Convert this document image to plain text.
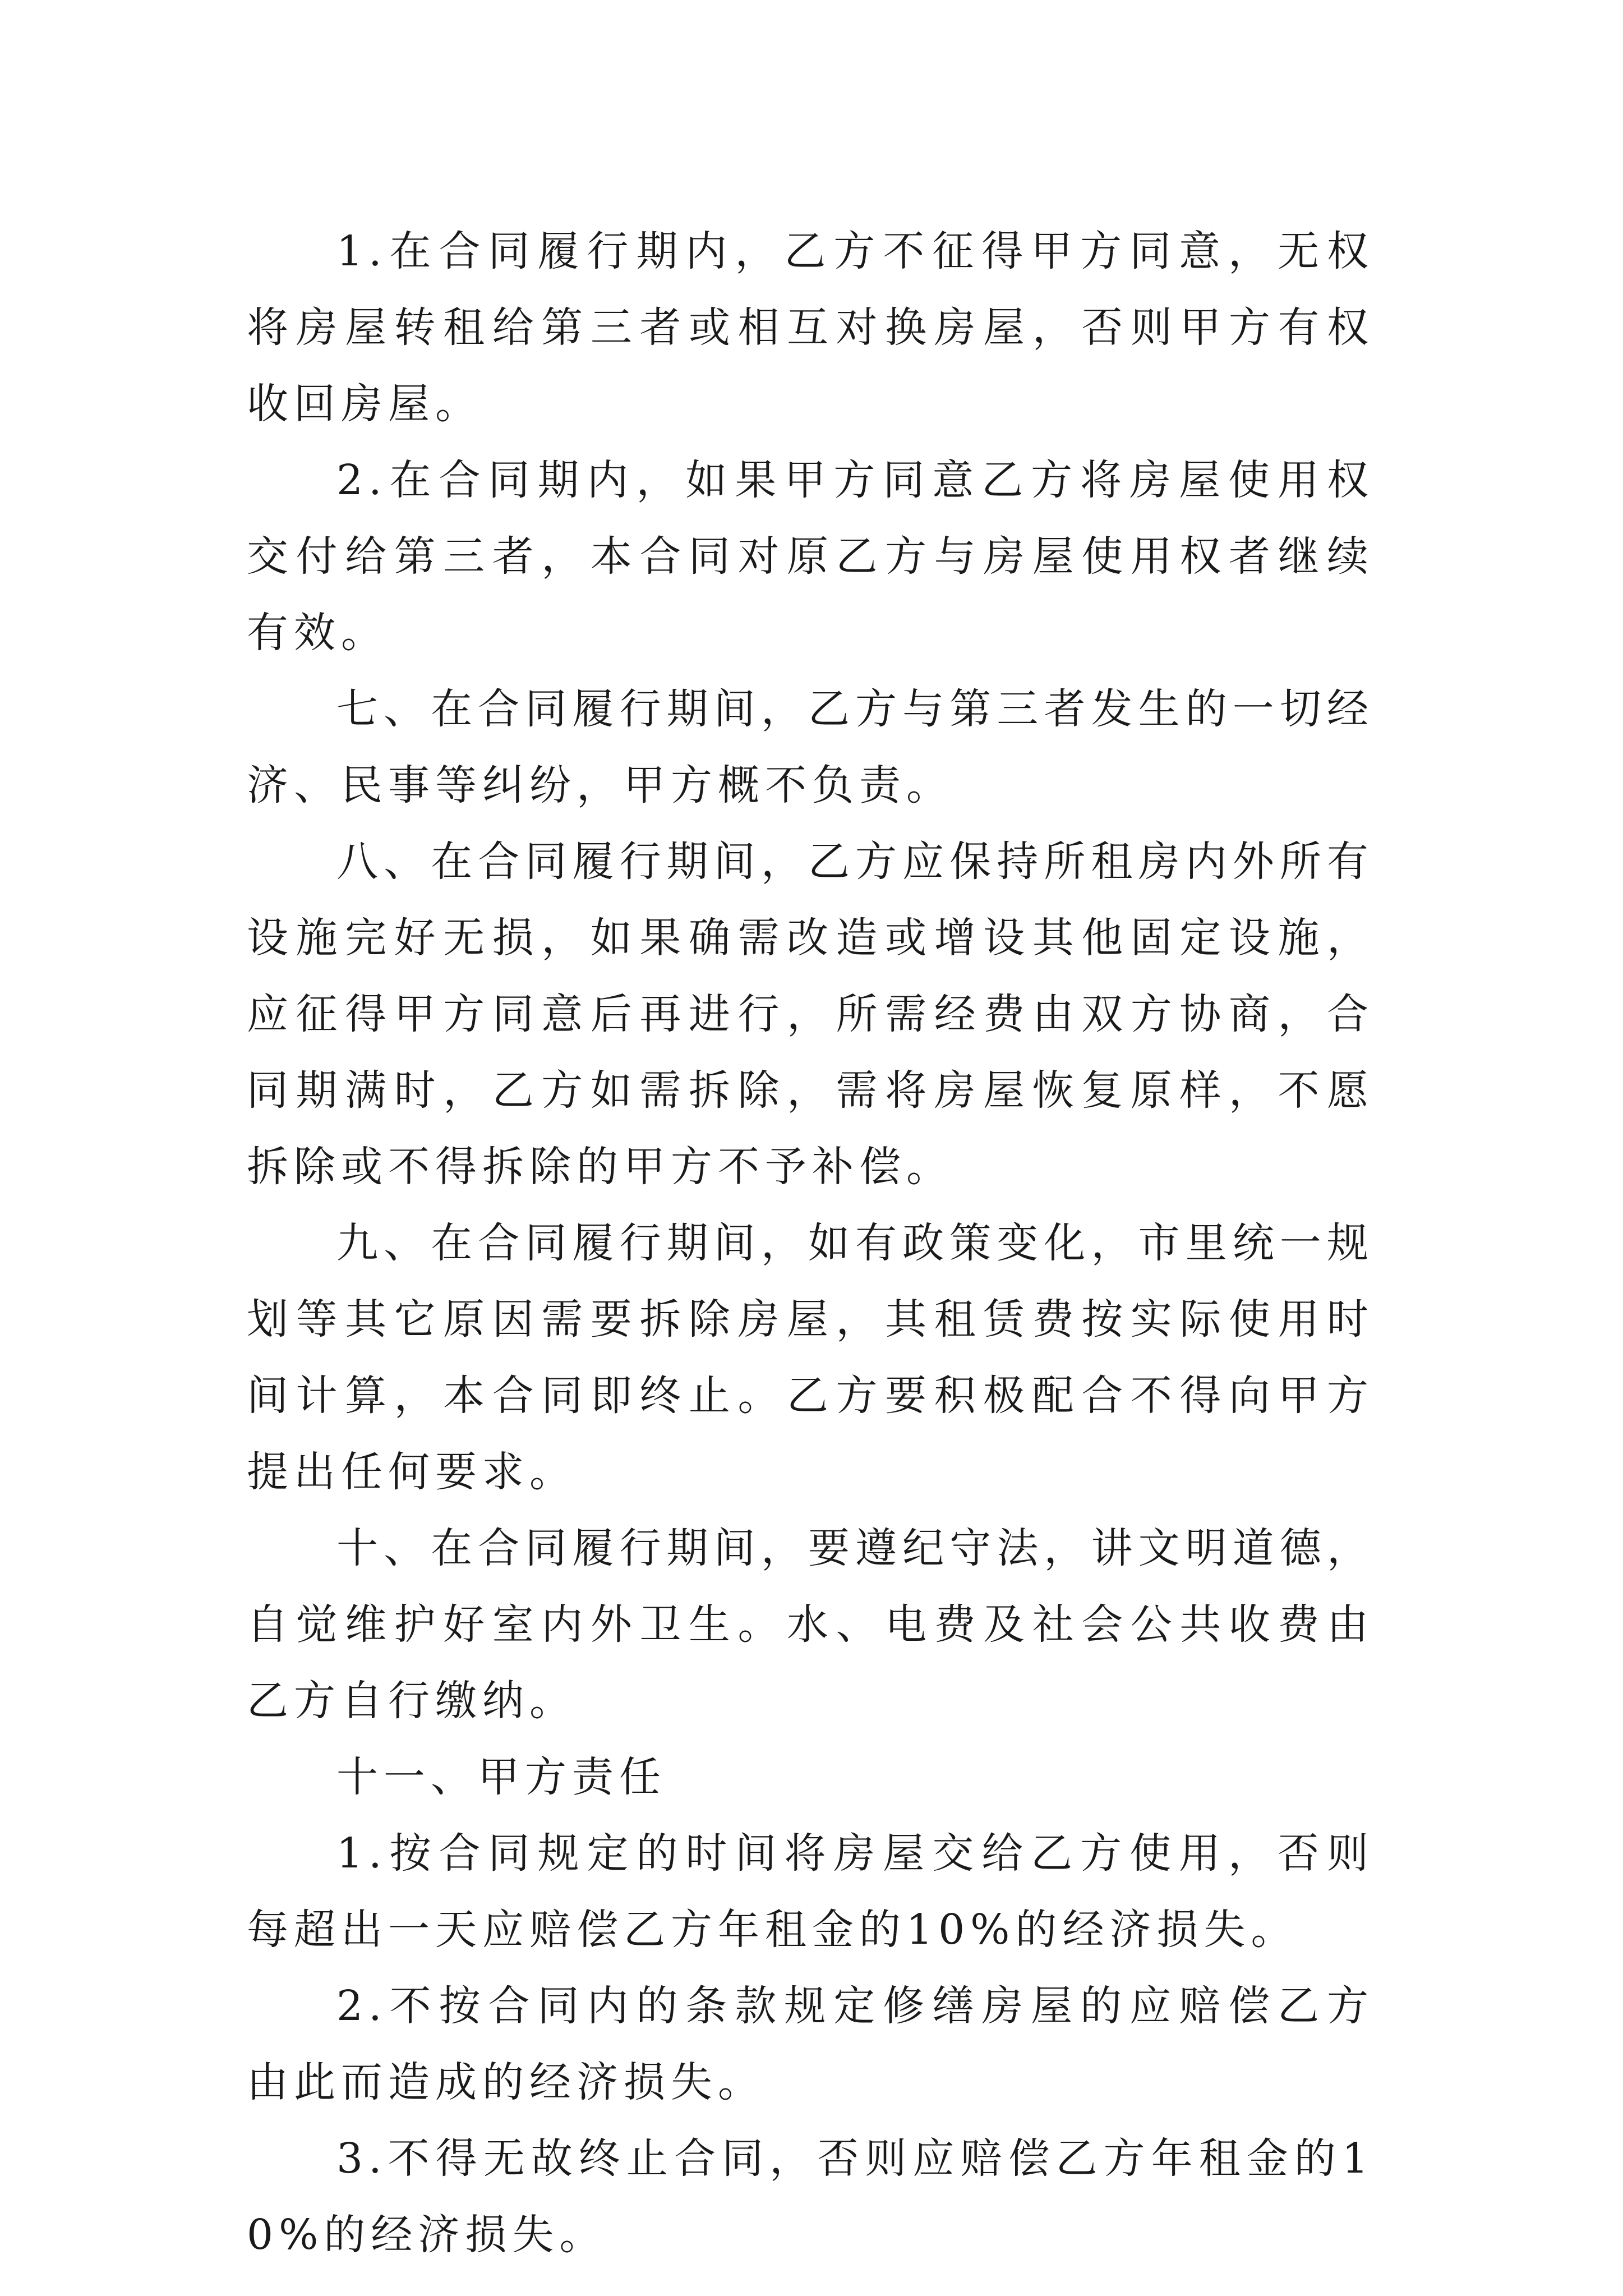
1.在合同履行期内，乙方不征得甲方同意，无权将房屋转租给第三者或相互对换房屋，否则甲方有权收回房屋。

2.在合同期内，如果甲方同意乙方将房屋使用权交付给第三者，本合同对原乙方与房屋使用权者继续有效。

七、在合同履行期间，乙方与第三者发生的一切经济、民事等纠纷，甲方概不负责。

八、在合同履行期间，乙方应保持所租房内外所有设施完好无损，如果确需改造或增设其他固定设施，应征得甲方同意后再进行，所需经费由双方协商，合同期满时，乙方如需拆除，需将房屋恢复原样，不愿拆除或不得拆除的甲方不予补偿。

九、在合同履行期间，如有政策变化，市里统一规划等其它原因需要拆除房屋，其租赁费按实际使用时间计算，本合同即终止。乙方要积极配合不得向甲方提出任何要求。

十、在合同履行期间，要遵纪守法，讲文明道德，自觉维护好室内外卫生。水、电费及社会公共收费由乙方自行缴纳。

十一、甲方责任

1.按合同规定的时间将房屋交给乙方使用，否则每超出一天应赔偿乙方年租金的10%的经济损失。

2.不按合同内的条款规定修缮房屋的应赔偿乙方由此而造成的经济损失。

3.不得无故终止合同，否则应赔偿乙方年租金的10%的经济损失。
